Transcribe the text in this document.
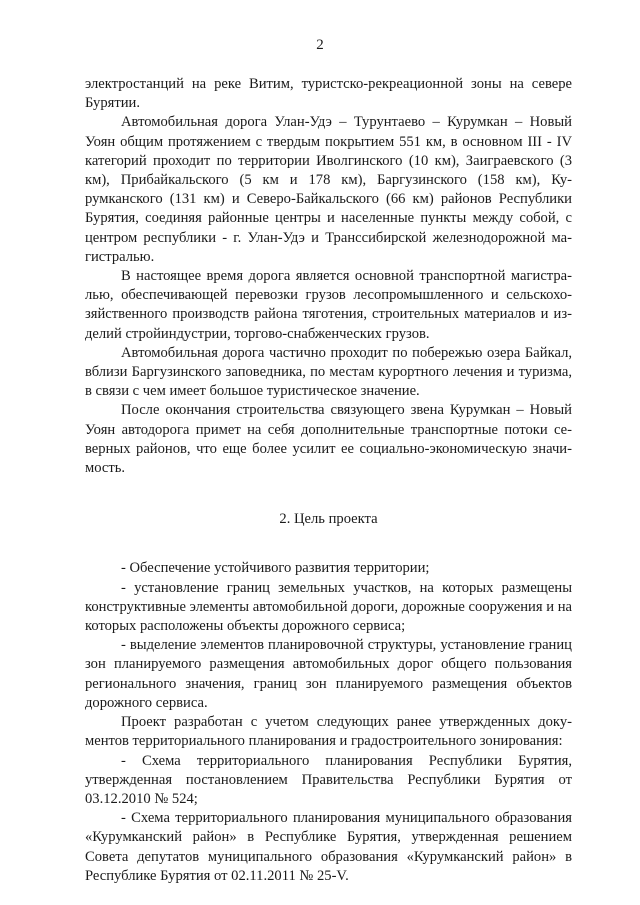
2

электростанций на реке Витим, туристско-рекреационной зоны на севере Бурятии.

Автомобильная дорога Улан-Удэ – Турунтаево – Курумкан – Новый Уоян общим протяжением с твердым покрытием 551 км, в основном III - IV категорий проходит по территории Иволгинского (10 км), Заиграевского (3 км), Прибайкальского (5 км и 178 км), Баргузинского (158 км), Курумканского (131 км) и Северо-Байкальского (66 км) районов Республики Бурятия, соединяя районные центры и населенные пункты между собой, с центром республики - г. Улан-Удэ и Транссибирской железнодорожной магистралью.

В настоящее время дорога является основной транспортной магистралью, обеспечивающей перевозки грузов лесопромышленного и сельскохозяйственного производств района тяготения, строительных материалов и изделий стройиндустрии, торгово-снабженческих грузов.

Автомобильная дорога частично проходит по побережью озера Байкал, вблизи Баргузинского заповедника, по местам курортного лечения и туризма, в связи с чем имеет большое туристическое значение.

После окончания строительства связующего звена Курумкан – Новый Уоян автодорога примет на себя дополнительные транспортные потоки северных районов, что еще более усилит ее социально-экономическую значимость.

2. Цель проекта

- Обеспечение устойчивого развития территории;

- установление границ земельных участков, на которых размещены конструктивные элементы автомобильной дороги, дорожные сооружения и на которых расположены объекты дорожного сервиса;

- выделение элементов планировочной структуры, установление границ зон планируемого размещения автомобильных дорог общего пользования регионального значения, границ зон планируемого размещения объектов дорожного сервиса.

Проект разработан с учетом следующих ранее утвержденных документов территориального планирования и градостроительного зонирования:

- Схема территориального планирования Республики Бурятия, утвержденная постановлением Правительства Республики Бурятия от 03.12.2010 № 524;

- Схема территориального планирования муниципального образования «Курумканский район» в Республике Бурятия, утвержденная решением Совета депутатов муниципального образования «Курумканский район» в Республике Бурятия от 02.11.2011 № 25-V.
